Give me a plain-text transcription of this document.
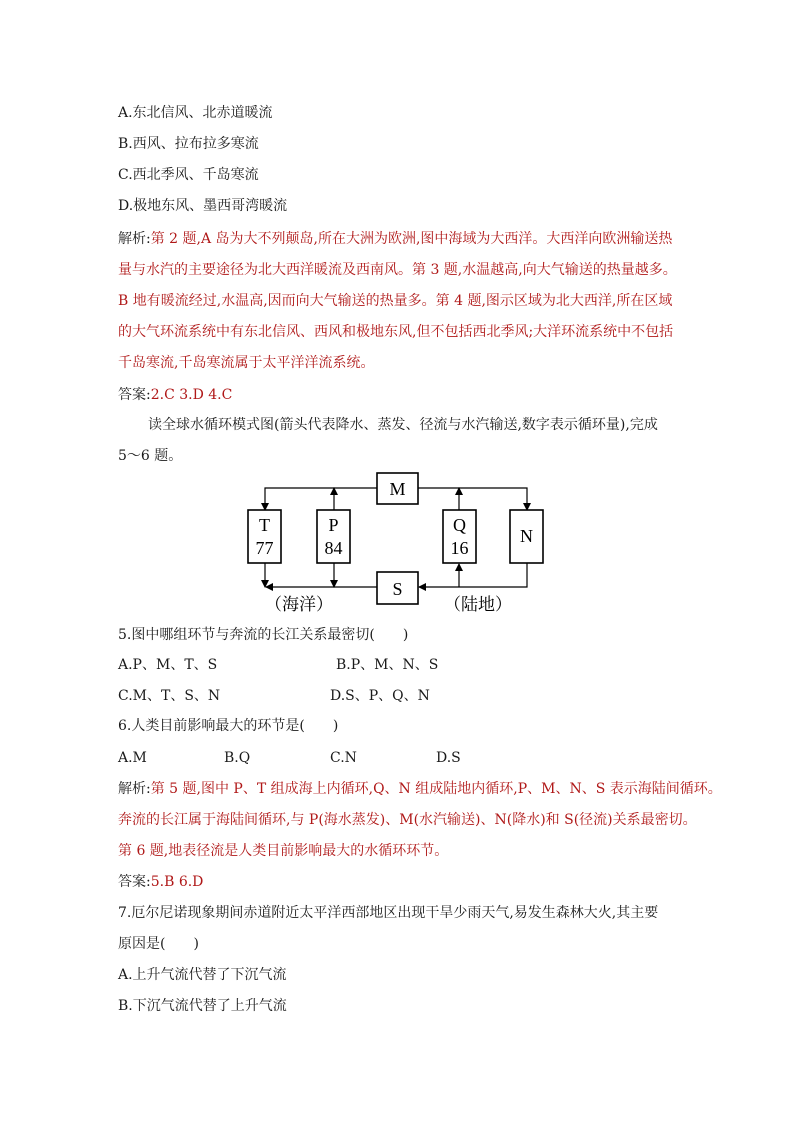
A.东北信风、北赤道暖流
B.西风、拉布拉多寒流
C.西北季风、千岛寒流
D.极地东风、墨西哥湾暖流
解析:第 2 题,A 岛为大不列颠岛,所在大洲为欧洲,图中海域为大西洋。大西洋向欧洲输送热
量与水汽的主要途径为北大西洋暖流及西南风。第 3 题,水温越高,向大气输送的热量越多。
B 地有暖流经过,水温高,因而向大气输送的热量多。第 4 题,图示区域为北大西洋,所在区域
的大气环流系统中有东北信风、西风和极地东风,但不包括西北季风;大洋环流系统中不包括
千岛寒流,千岛寒流属于太平洋洋流系统。
答案:2.C 3.D 4.C
读全球水循环模式图(箭头代表降水、蒸发、径流与水汽输送,数字表示循环量),完成
5～6 题。
M
T
77
P
84
Q
16
N
S
（海洋）	（陆地）
5.图中哪组环节与奔流的长江关系最密切(　　)
A.P、M、T、S	B.P、M、N、S
C.M、T、S、N	D.S、P、Q、N
6.人类目前影响最大的环节是(　　)
A.M	B.Q	C.N	D.S
解析:第 5 题,图中 P、T 组成海上内循环,Q、N 组成陆地内循环,P、M、N、S 表示海陆间循环。
奔流的长江属于海陆间循环,与 P(海水蒸发)、M(水汽输送)、N(降水)和 S(径流)关系最密切。
第 6 题,地表径流是人类目前影响最大的水循环环节。
答案:5.B 6.D
7.厄尔尼诺现象期间赤道附近太平洋西部地区出现干旱少雨天气,易发生森林大火,其主要
原因是(　　)
A.上升气流代替了下沉气流
B.下沉气流代替了上升气流
